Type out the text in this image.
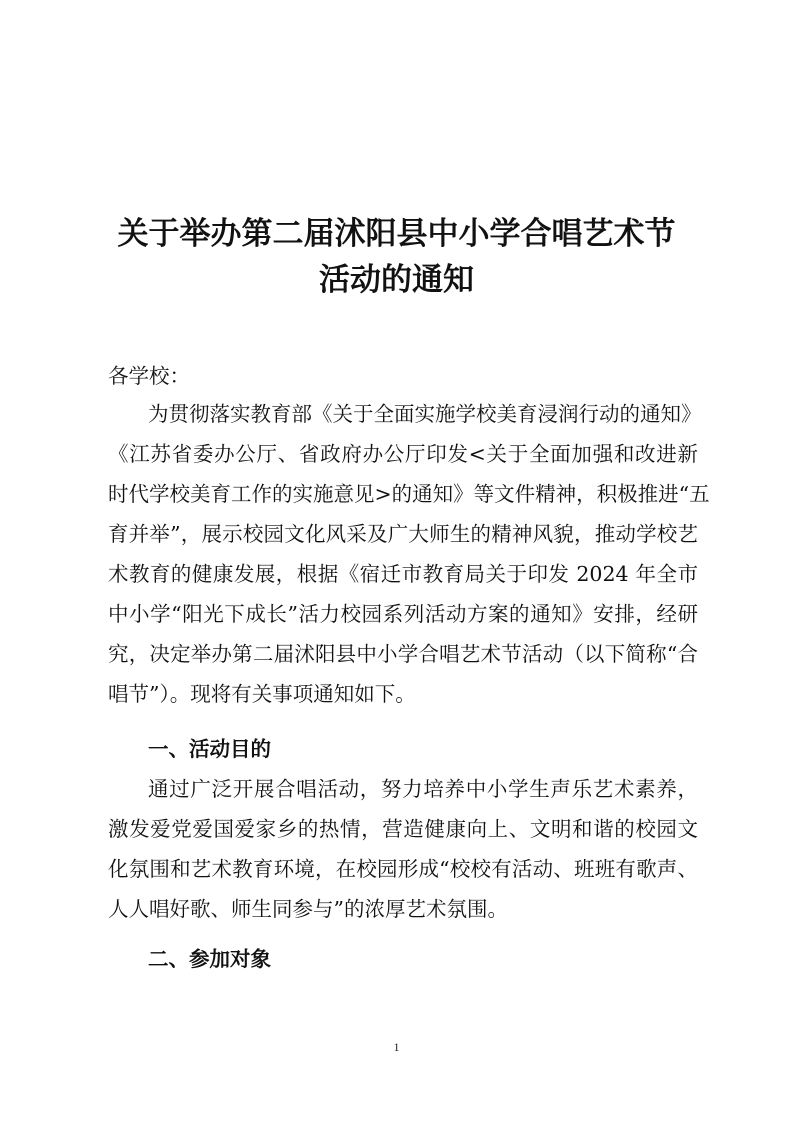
关于举办第二届沭阳县中小学合唱艺术节
活动的通知
各学校：
为贯彻落实教育部《关于全面实施学校美育浸润行动的通知》
《江苏省委办公厅、省政府办公厅印发<关于全面加强和改进新
时代学校美育工作的实施意见>的通知》等文件精神，积极推进“五
育并举”，展示校园文化风采及广大师生的精神风貌，推动学校艺
术教育的健康发展，根据《宿迁市教育局关于印发 2024 年全市
中小学“阳光下成长”活力校园系列活动方案的通知》安排，经研
究，决定举办第二届沭阳县中小学合唱艺术节活动（以下简称“合
唱节”）。现将有关事项通知如下。
一、活动目的
通过广泛开展合唱活动，努力培养中小学生声乐艺术素养，
激发爱党爱国爱家乡的热情，营造健康向上、文明和谐的校园文
化氛围和艺术教育环境，在校园形成“校校有活动、班班有歌声、
人人唱好歌、师生同参与”的浓厚艺术氛围。
二、参加对象
1
